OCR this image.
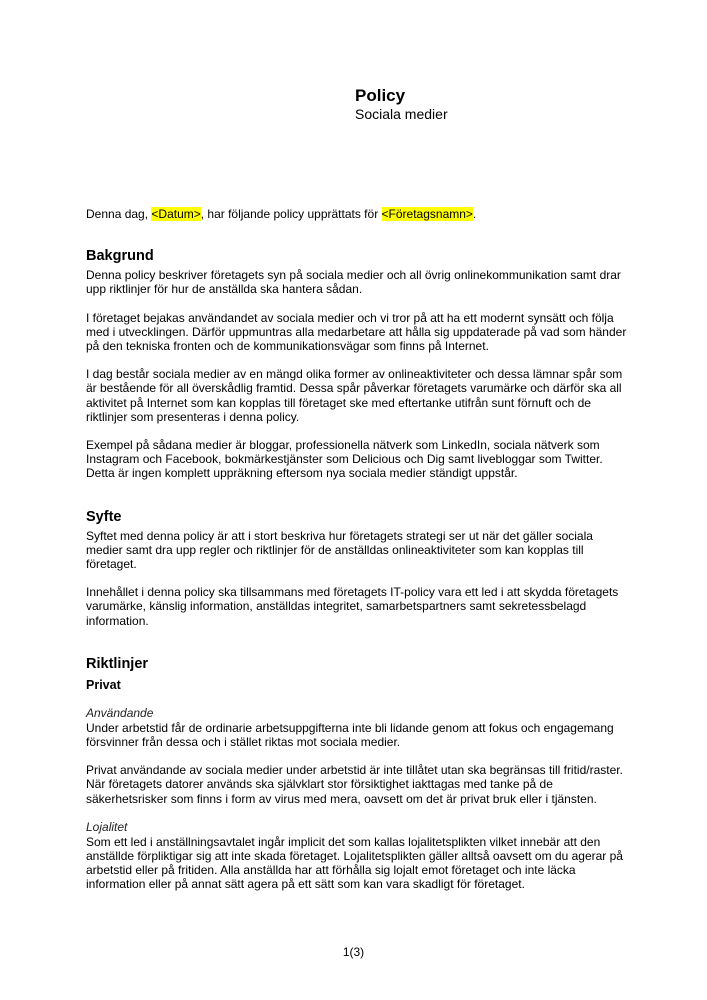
Policy

Sociala medier

Denna dag, <Datum>, har följande policy upprättats för <Företagsnamn>.

Bakgrund

Denna policy beskriver företagets syn på sociala medier och all övrig onlinekommunikation samt drar upp riktlinjer för hur de anställda ska hantera sådan.

I företaget bejakas användandet av sociala medier och vi tror på att ha ett modernt synsätt och följa med i utvecklingen. Därför uppmuntras alla medarbetare att hålla sig uppdaterade på vad som händer på den tekniska fronten och de kommunikationsvägar som finns på Internet.

I dag består sociala medier av en mängd olika former av onlineaktiviteter och dessa lämnar spår som är bestående för all överskådlig framtid. Dessa spår påverkar företagets varumärke och därför ska all aktivitet på Internet som kan kopplas till företaget ske med eftertanke utifrån sunt förnuft och de riktlinjer som presenteras i denna policy.

Exempel på sådana medier är bloggar, professionella nätverk som LinkedIn, sociala nätverk som Instagram och Facebook, bokmärkestjänster som Delicious och Dig samt livebloggar som Twitter. Detta är ingen komplett uppräkning eftersom nya sociala medier ständigt uppstår.

Syfte

Syftet med denna policy är att i stort beskriva hur företagets strategi ser ut när det gäller sociala medier samt dra upp regler och riktlinjer för de anställdas onlineaktiviteter som kan kopplas till företaget.

Innehållet i denna policy ska tillsammans med företagets IT-policy vara ett led i att skydda företagets varumärke, känslig information, anställdas integritet, samarbetspartners samt sekretessbelagd information.

Riktlinjer
Privat
Användande

Under arbetstid får de ordinarie arbetsuppgifterna inte bli lidande genom att fokus och engagemang försvinner från dessa och i stället riktas mot sociala medier.

Privat användande av sociala medier under arbetstid är inte tillåtet utan ska begränsas till fritid/raster. När företagets datorer används ska självklart stor försiktighet iakttagas med tanke på de säkerhetsrisker som finns i form av virus med mera, oavsett om det är privat bruk eller i tjänsten.

Lojalitet

Som ett led i anställningsavtalet ingår implicit det som kallas lojalitetsplikten vilket innebär att den anställde förpliktigar sig att inte skada företaget. Lojalitetsplikten gäller alltså oavsett om du agerar på arbetstid eller på fritiden. Alla anställda har att förhålla sig lojalt emot företaget och inte läcka information eller på annat sätt agera på ett sätt som kan vara skadligt för företaget.

1(3)
